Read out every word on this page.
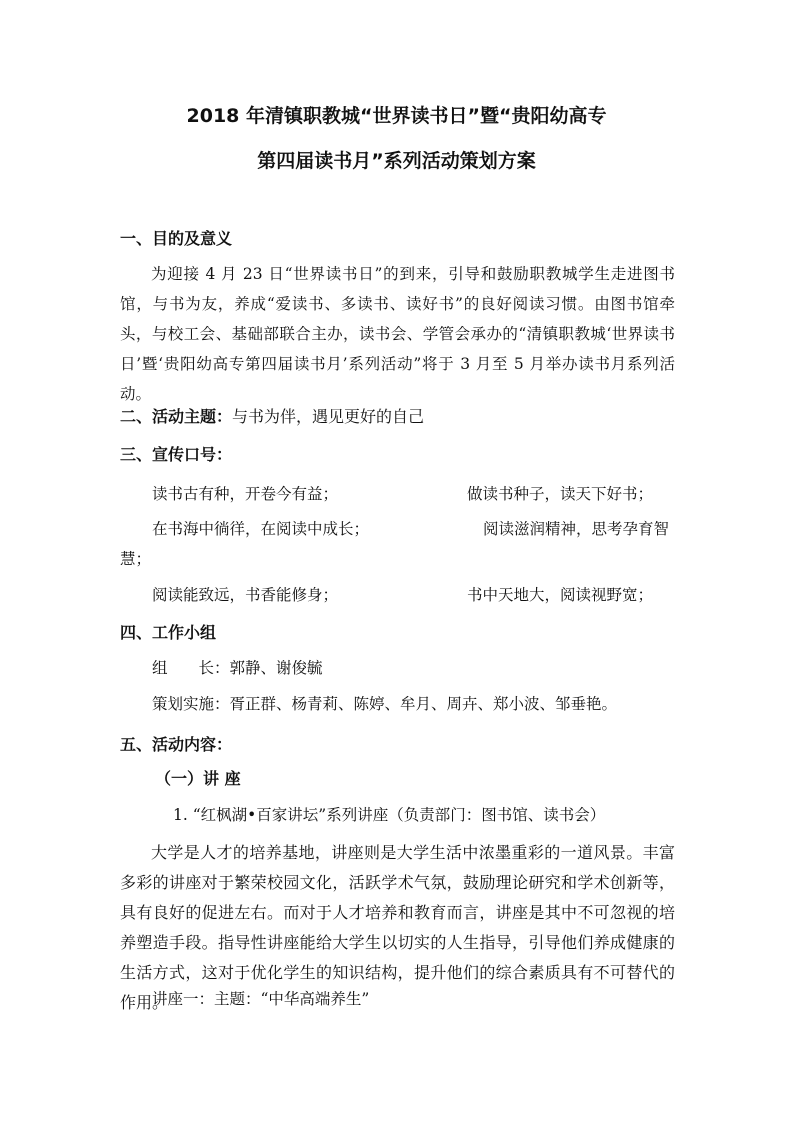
2018 年清镇职教城“世界读书日”暨“贵阳幼高专
第四届读书月”系列活动策划方案
一、目的及意义
为迎接 4 月 23 日“世界读书日”的到来，引导和鼓励职教城学生走进图书馆，与书为友，养成“爱读书、多读书、读好书”的良好阅读习惯。由图书馆牵头，与校工会、基础部联合主办，读书会、学管会承办的“清镇职教城‘世界读书日’暨‘贵阳幼高专第四届读书月’系列活动”将于 3 月至 5 月举办读书月系列活动。
二、活动主题：与书为伴，遇见更好的自己
三、宣传口号：
读书古有种，开卷今有益；	做读书种子，读天下好书；
在书海中徜徉，在阅读中成长；	阅读滋润精神，思考孕育智
慧；
阅读能致远，书香能修身；	书中天地大，阅读视野宽；
四、工作小组
组　　长：郭静、谢俊毓
策划实施：胥正群、杨青莉、陈婷、牟月、周卉、郑小波、邹垂艳。
五、活动内容：
（一）讲 座
1. “红枫湖•百家讲坛”系列讲座（负责部门：图书馆、读书会）
大学是人才的培养基地，讲座则是大学生活中浓墨重彩的一道风景。丰富多彩的讲座对于繁荣校园文化，活跃学术气氛，鼓励理论研究和学术创新等，具有良好的促进左右。而对于人才培养和教育而言，讲座是其中不可忽视的培养塑造手段。指导性讲座能给大学生以切实的人生指导，引导他们养成健康的生活方式，这对于优化学生的知识结构，提升他们的综合素质具有不可替代的作用。
讲座一：主题：“中华高端养生”
